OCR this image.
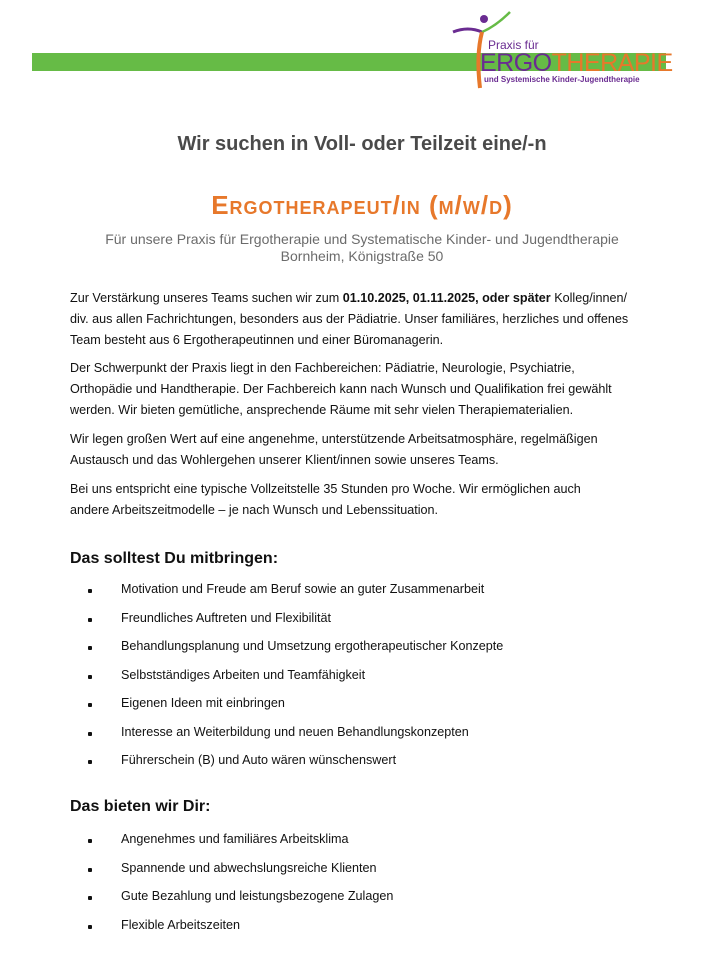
Praxis für
ERGOTHERAPIE
und Systemische Kinder-Jugendtherapie
Wir suchen in Voll- oder Teilzeit eine/-n
Ergotherapeut/in (m/w/d)
Für unsere Praxis für Ergotherapie und Systematische Kinder- und Jugendtherapie
Bornheim, Königstraße 50
Zur Verstärkung unseres Teams suchen wir zum 01.10.2025, 01.11.2025, oder später Kolleg/innen/
div. aus allen Fachrichtungen, besonders aus der Pädiatrie. Unser familiäres, herzliches und offenes
Team besteht aus 6 Ergotherapeutinnen und einer Büromanagerin.
Der Schwerpunkt der Praxis liegt in den Fachbereichen: Pädiatrie, Neurologie, Psychiatrie,
Orthopädie und Handtherapie. Der Fachbereich kann nach Wunsch und Qualifikation frei gewählt
werden. Wir bieten gemütliche, ansprechende Räume mit sehr vielen Therapiematerialien.
Wir legen großen Wert auf eine angenehme, unterstützende Arbeitsatmosphäre, regelmäßigen
Austausch und das Wohlergehen unserer Klient/innen sowie unseres Teams.
Bei uns entspricht eine typische Vollzeitstelle 35 Stunden pro Woche. Wir ermöglichen auch
andere Arbeitszeitmodelle – je nach Wunsch und Lebenssituation.
Das solltest Du mitbringen:
Motivation und Freude am Beruf sowie an guter Zusammenarbeit
Freundliches Auftreten und Flexibilität
Behandlungsplanung und Umsetzung ergotherapeutischer Konzepte
Selbstständiges Arbeiten und Teamfähigkeit
Eigenen Ideen mit einbringen
Interesse an Weiterbildung und neuen Behandlungskonzepten
Führerschein (B) und Auto wären wünschenswert
Das bieten wir Dir:
Angenehmes und familiäres Arbeitsklima
Spannende und abwechslungsreiche Klienten
Gute Bezahlung und leistungsbezogene Zulagen
Flexible Arbeitszeiten
